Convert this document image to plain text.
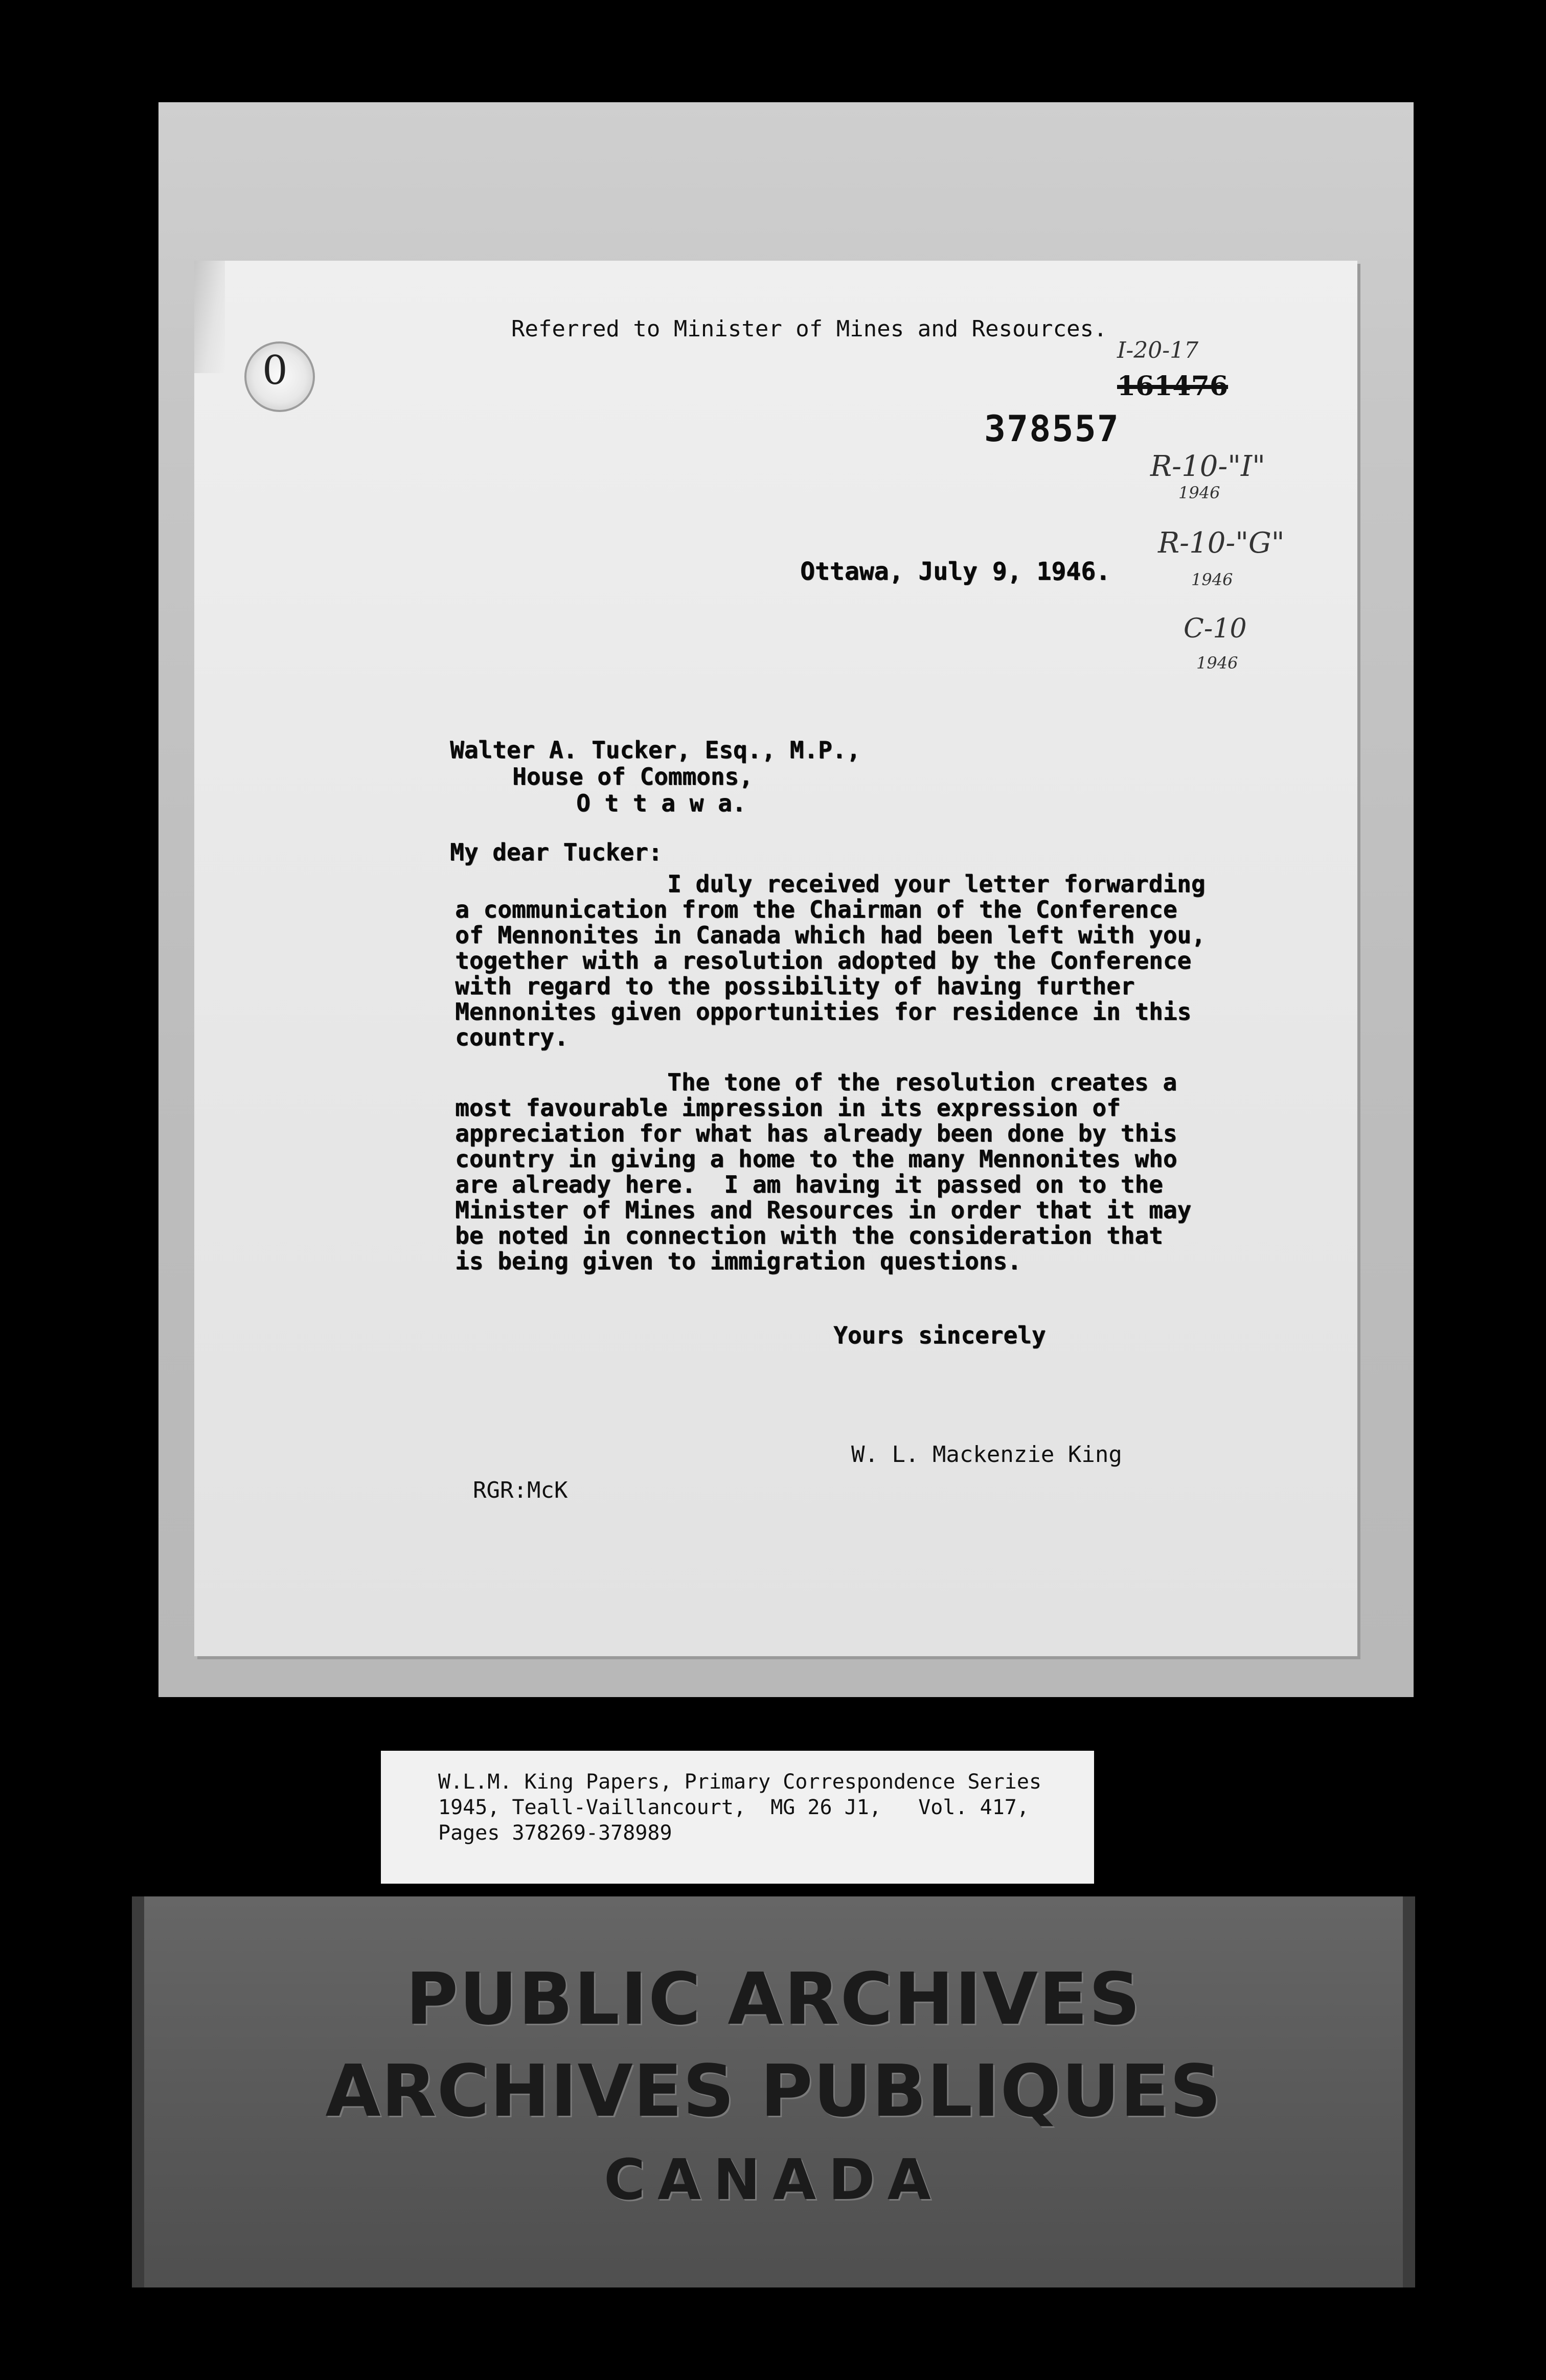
0
Referred to Minister of Mines and Resources.
I-20-17
161476
378557
R-10-"I"
1946
R-10-"G"
1946
C-10
1946
Ottawa, July 9, 1946.
Walter A. Tucker, Esq., M.P.,
House of Commons,
O t t a w a.
My dear Tucker:
I duly received your letter forwarding
a communication from the Chairman of the Conference
of Mennonites in Canada which had been left with you,
together with a resolution adopted by the Conference
with regard to the possibility of having further
Mennonites given opportunities for residence in this
country.
The tone of the resolution creates a
most favourable impression in its expression of
appreciation for what has already been done by this
country in giving a home to the many Mennonites who
are already here.  I am having it passed on to the
Minister of Mines and Resources in order that it may
be noted in connection with the consideration that
is being given to immigration questions.
Yours sincerely
W. L. Mackenzie King
RGR:McK
W.L.M. King Papers, Primary Correspondence Series
1945, Teall-Vaillancourt,  MG 26 J1,   Vol. 417,
Pages 378269-378989
PUBLIC ARCHIVES
ARCHIVES PUBLIQUES
CANADA
